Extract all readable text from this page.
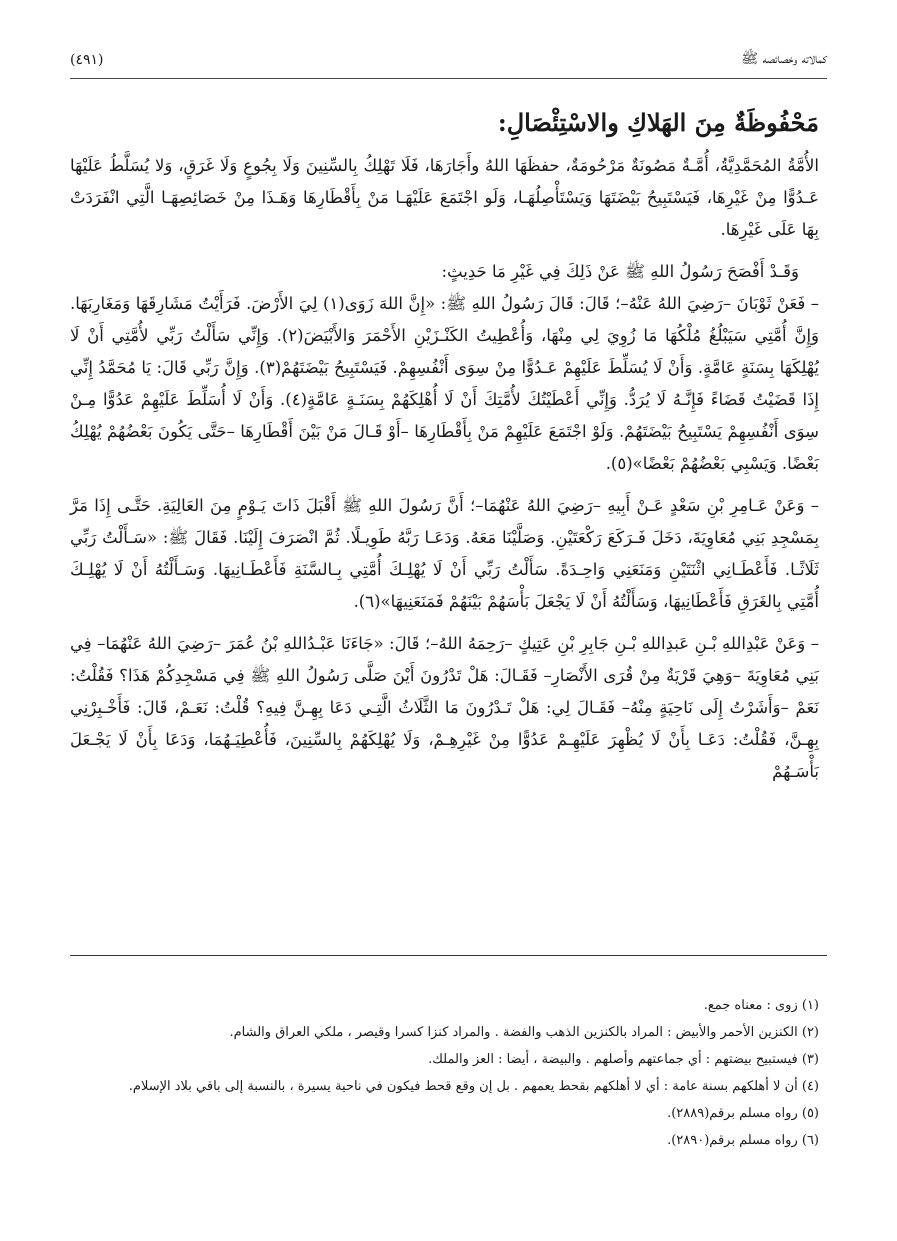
كمالاته وخصائصه ﷺ
(٤٩١)
مَحْفُوظَةٌ مِنَ الهَلاكِ والاسْتِئْصَالِ:

الأُمَّةُ المُحَمَّدِيَّةُ، أُمَّـةٌ مَصُونَةٌ مَرْحُومَةٌ، حفظَهَا اللهُ وأَجَارَهَا، فَلَا تَهْلِكُ بِالسِّنِينَ وَلَا بِجُوعٍ وَلَا غَرَقٍ، وَلا يُسَلَّطُ عَلَيْهَا عَـدُوًّا مِنْ غَيْرِهَا، فَيَسْتَبِيحُ بَيْضَتَهَا وَيَسْتَأْصِلُهَـا، وَلَو اجْتَمَعَ عَلَيْهَـا مَنْ بِأَقْطَارِهَا وَهَـذَا مِنْ خَصَائِصِهَـا الَّتِي انْفَرَدَتْ بِهَا عَلَى غَيْرِهَا.

وَقَـدْ أَفْصَحَ رَسُولُ اللهِ ﷺ عَنْ ذَلِكَ فِي غَيْرِ مَا حَدِيثٍ:

– فَعَنْ ثَوْبَانَ –رَضِيَ اللهُ عَنْهُ–؛ قَالَ: قَالَ رَسُولُ اللهِ ﷺ: «إِنَّ اللهَ زَوَى(١) لِيَ الأَرْضَ. فَرَأَيْتُ مَشَارِقَهَا وَمَغَارِبَهَا. وَإِنَّ أُمَّتِي سَيَبْلُغُ مُلْكُهَا مَا زُوِيَ لِي مِنْهَا، وَأُعْطِيتُ الكَنْـزَيْنِ الأَحْمَرَ وَالأَبْيَضَ(٢). وَإِنِّي سَأَلْتُ رَبِّي لأُمَّتِي أَنْ لَا يُهْلِكَهَا بِسَنَةٍ عَامَّةٍ. وَأَنْ لَا يُسَلِّطَ عَلَيْهِمْ عَـدُوًّا مِنْ سِوَى أَنْفُسِهِمْ. فَيَسْتَبِيحُ بَيْضَتَهُمْ(٣). وَإِنَّ رَبِّي قَالَ: يَا مُحَمَّدُ إِنِّي إِذَا قَضَيْتُ قَضَاءً فَإِنَّـهُ لَا يُرَدُّ. وَإِنِّي أَعْطَيْتُكَ لأُمَّتِكَ أَنْ لَا أُهْلِكَهُمْ بِسَنَـةٍ عَامَّةٍ(٤). وَأَنْ لَا أُسَلِّطَ عَلَيْهِمْ عَدُوًّا مِـنْ سِوَى أَنْفُسِهِمْ يَسْتَبِيحُ بَيْضَتَهُمْ. وَلَوْ اجْتَمَعَ عَلَيْهِمْ مَنْ بِأَقْطَارِهَا –أَوْ قَـالَ مَنْ بَيْنَ أَقْطَارِهَا –حَتَّى يَكُونَ بَعْضُهُمْ يُهْلِكُ بَعْضًا. وَيَسْبِي بَعْضُهُمْ بَعْضًا»(٥).

– وَعَنْ عَـامِرِ بْنِ سَعْدٍ عَـنْ أَبِيهِ –رَضِيَ اللهُ عَنْهُمَا–؛ أَنَّ رَسُولَ اللهِ ﷺ أَقْبَلَ ذَاتَ يَـوْمٍ مِنَ العَالِيَةِ. حَتَّـى إِذَا مَرَّ بِمَسْجِدِ بَنِي مُعَاوِيَةَ، دَخَلَ فَـرَكَعَ رَكْعَتَيْنِ. وَصَلَّيْنَا مَعَهُ. وَدَعَـا رَبَّهُ طَوِيـلًا. ثُمَّ انْصَرَفَ إِلَيْنَا. فَقَالَ ﷺ: «سَـأَلْتُ رَبِّي ثَلَاثًـا. فَأَعْطَـانِي اثْنَتَيْنِ وَمَنَعَنِي وَاحِـدَةً. سَأَلْتُ رَبِّي أَنْ لَا يُهْلِـكَ أُمَّتِي بِـالسَّنَةِ فَأَعْطَـانِيهَا. وَسَـأَلْتُهُ أَنْ لَا يُهْلِـكَ أُمَّتِي بِالغَرَقِ فَأَعْطَانِيهَا، وَسَأَلْتُهُ أَنْ لَا يَجْعَلَ بَأْسَهُمْ بَيْنَهُمْ فَمَنَعَنِيهَا»(٦).

– وَعَنْ عَبْدِاللهِ بْـنِ عَبدِاللهِ بْـنِ جَابِرِ بْنِ عَتِيكٍ –رَحِمَهُ اللهُ–؛ قَالَ: «جَاءَنَا عَبْـدُاللهِ بْنُ عُمَرَ –رَضِيَ اللهُ عَنْهُمَا– فِي بَنِي مُعَاوِيَةَ –وَهِيَ قَرْيَةٌ مِنْ قُرَى الأَنْصَارِ– فَقَـالَ: هَلْ تَدْرُونَ أَيْنَ صَلَّى رَسُولُ اللهِ ﷺ فِي مَسْجِدِكُمْ هَذَا؟ فَقُلْتُ: نَعَمْ –وَأَشَرْتُ إِلَى نَاحِيَةٍ مِنْهُ– فَقَـالَ لِي: هَلْ تَـدْرُونَ مَا الثَّلَاثُ الَّتِـي دَعَا بِهِـنَّ فِيهِ؟ قُلْتُ: نَعَـمْ، قَالَ: فَأَخْـبِرْنِي بِهِـنَّ، فَقُلْتُ: دَعَـا بِأَنْ لَا يُظْهِرَ عَلَيْهِـمْ عَدُوًّا مِنْ غَيْرِهِـمْ، وَلَا يُهْلِكَهُمْ بِالسِّنِينَ، فَأُعْطِيَـهُمَا، وَدَعَا بِأَنْ لَا يَجْـعَلَ بَأْسَـهُمْ

(١) زوى : معناه جمع.
(٢) الكنزين الأحمر والأبيض : المراد بالكنزين الذهب والفضة . والمراد كنزا كسرا وقيصر ، ملكي العراق والشام.
(٣) فيستبيح بيضتهم : أي جماعتهم وأصلهم . والبيضة ، أيضا : العز والملك.
(٤) أن لا أهلكهم بسنة عامة : أي لا أهلكهم بقحط يعمهم . بل إن وقع قحط فيكون في ناحية يسيرة ، بالنسبة إلى باقي بلاد الإسلام.
(٥) رواه مسلم برقم(٢٨٨٩).
(٦) رواه مسلم برقم(٢٨٩٠).
